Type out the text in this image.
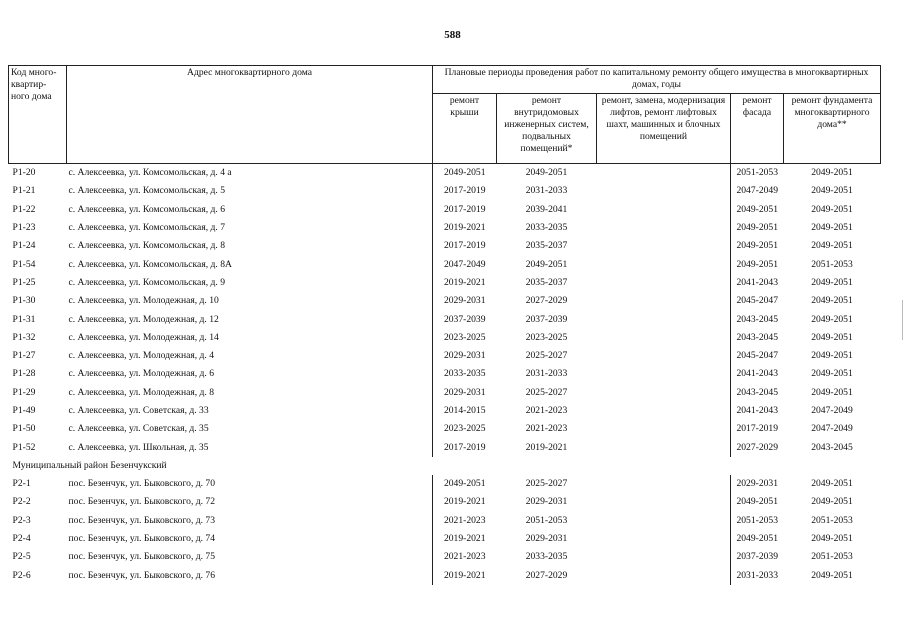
588
Код много-квартир-ного дома	Адрес многоквартирного дома	Плановые периоды проведения работ по капитальному ремонту общего имущества в многоквартирных домах, годы				
		ремонт крыши	ремонт внутридомовых инженерных систем, подвальных помещений*	ремонт, замена, модернизация лифтов, ремонт лифтовых шахт, машинных и блочных помещений	ремонт фасада	ремонт фундамента многоквартирного дома**
P1-20	с. Алексеевка, ул. Комсомольская, д. 4 а	2049-2051	2049-2051		2051-2053	2049-2051
P1-21	с. Алексеевка, ул. Комсомольская, д. 5	2017-2019	2031-2033		2047-2049	2049-2051
P1-22	с. Алексеевка, ул. Комсомольская, д. 6	2017-2019	2039-2041		2049-2051	2049-2051
P1-23	с. Алексеевка, ул. Комсомольская, д. 7	2019-2021	2033-2035		2049-2051	2049-2051
P1-24	с. Алексеевка, ул. Комсомольская, д. 8	2017-2019	2035-2037		2049-2051	2049-2051
P1-54	с. Алексеевка, ул. Комсомольская, д. 8А	2047-2049	2049-2051		2049-2051	2051-2053
P1-25	с. Алексеевка, ул. Комсомольская, д. 9	2019-2021	2035-2037		2041-2043	2049-2051
P1-30	с. Алексеевка, ул. Молодежная, д. 10	2029-2031	2027-2029		2045-2047	2049-2051
P1-31	с. Алексеевка, ул. Молодежная, д. 12	2037-2039	2037-2039		2043-2045	2049-2051
P1-32	с. Алексеевка, ул. Молодежная, д. 14	2023-2025	2023-2025		2043-2045	2049-2051
P1-27	с. Алексеевка, ул. Молодежная, д. 4	2029-2031	2025-2027		2045-2047	2049-2051
P1-28	с. Алексеевка, ул. Молодежная, д. 6	2033-2035	2031-2033		2041-2043	2049-2051
P1-29	с. Алексеевка, ул. Молодежная, д. 8	2029-2031	2025-2027		2043-2045	2049-2051
P1-49	с. Алексеевка, ул. Советская, д. 33	2014-2015	2021-2023		2041-2043	2047-2049
P1-50	с. Алексеевка, ул. Советская, д. 35	2023-2025	2021-2023		2017-2019	2047-2049
P1-52	с. Алексеевка, ул. Школьная, д. 35	2017-2019	2019-2021		2027-2029	2043-2045
Муниципальный район Безенчукский						
P2-1	пос. Безенчук, ул. Быковского, д. 70	2049-2051	2025-2027		2029-2031	2049-2051
P2-2	пос. Безенчук, ул. Быковского, д. 72	2019-2021	2029-2031		2049-2051	2049-2051
P2-3	пос. Безенчук, ул. Быковского, д. 73	2021-2023	2051-2053		2051-2053	2051-2053
P2-4	пос. Безенчук, ул. Быковского, д. 74	2019-2021	2029-2031		2049-2051	2049-2051
P2-5	пос. Безенчук, ул. Быковского, д. 75	2021-2023	2033-2035		2037-2039	2051-2053
P2-6	пос. Безенчук, ул. Быковского, д. 76	2019-2021	2027-2029		2031-2033	2049-2051
